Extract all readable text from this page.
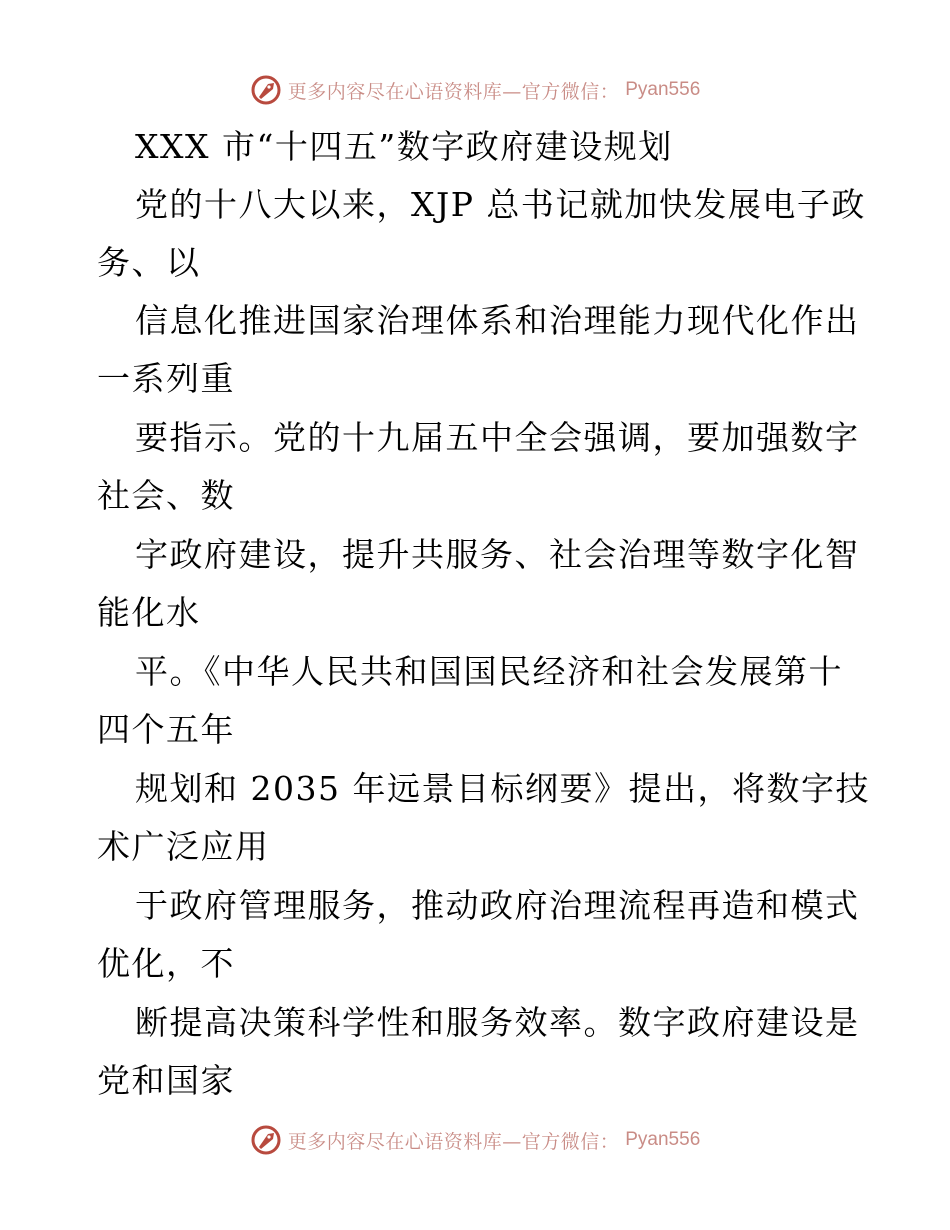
更多内容尽在心语资料库—官方微信： Pyan556
XXX 市“十四五”数字政府建设规划
党的十八大以来，XJP 总书记就加快发展电子政
务、以
信息化推进国家治理体系和治理能力现代化作出
一系列重
要指示。党的十九届五中全会强调，要加强数字
社会、数
字政府建设，提升共服务、社会治理等数字化智
能化水
平。《中华人民共和国国民经济和社会发展第十
四个五年
规划和 2035 年远景目标纲要》提出，将数字技
术广泛应用
于政府管理服务，推动政府治理流程再造和模式
优化，不
断提高决策科学性和服务效率。数字政府建设是
党和国家
更多内容尽在心语资料库—官方微信： Pyan556
